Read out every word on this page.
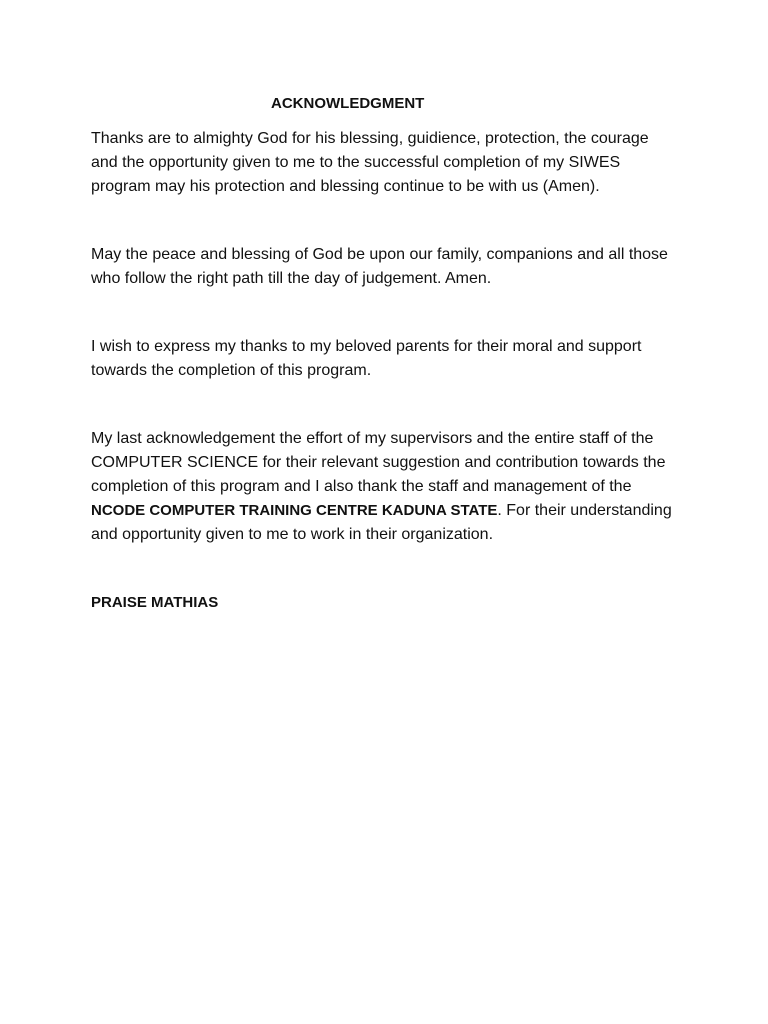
ACKNOWLEDGMENT

Thanks are to almighty God for his blessing, guidience, protection, the courage
and the opportunity given to me to the successful completion of my SIWES
program may his protection and blessing continue to be with us (Amen).

May the peace and blessing of God be upon our family, companions and all those
who follow the right path till the day of judgement. Amen.

I wish to express my thanks to my beloved parents for their moral and support
towards the completion of this program.

My last acknowledgement the effort of my supervisors and the entire staff of the
COMPUTER SCIENCE for their relevant suggestion and contribution towards the
completion of this program and I also thank the staff and management of the
NCODE COMPUTER TRAINING CENTRE KADUNA STATE. For their understanding
and opportunity given to me to work in their organization.

PRAISE MATHIAS
